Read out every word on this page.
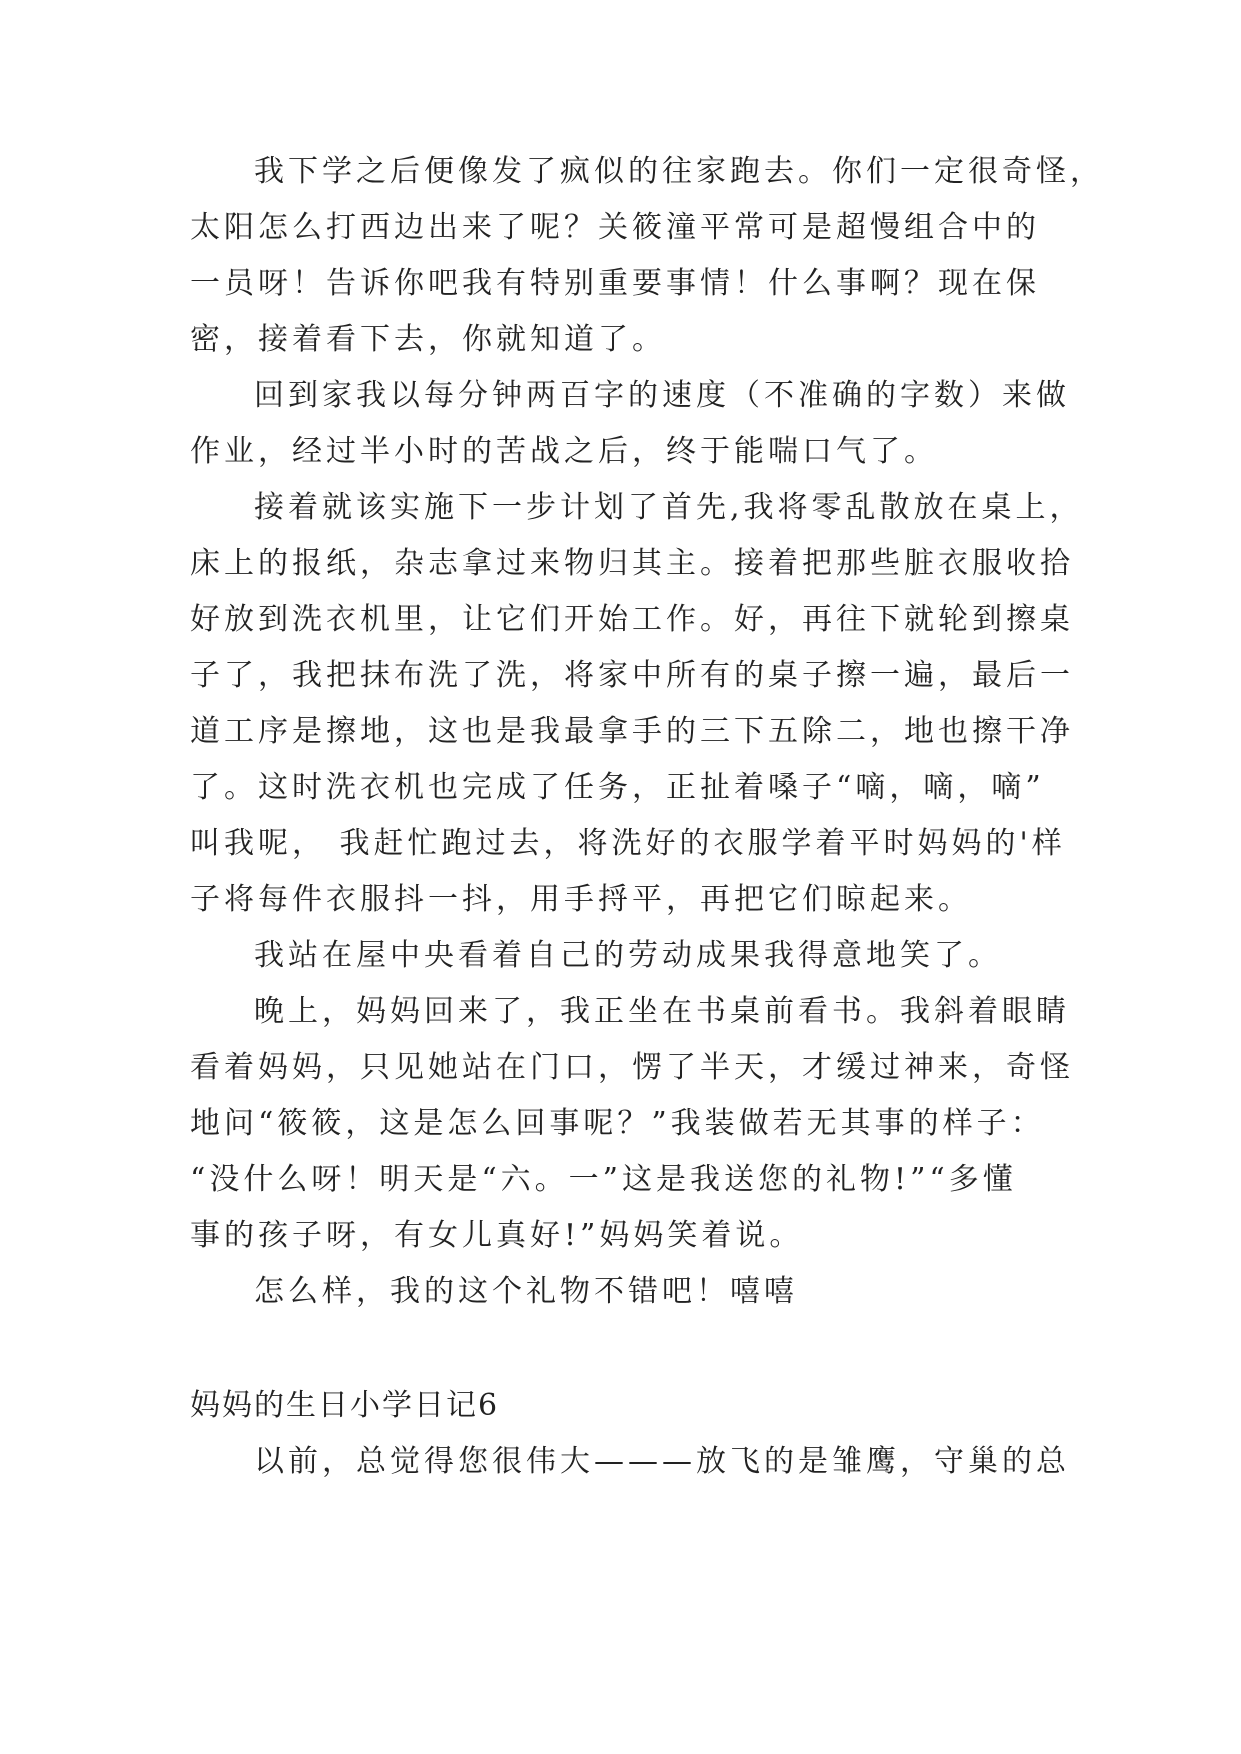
我下学之后便像发了疯似的往家跑去。你们一定很奇怪，
太阳怎么打西边出来了呢？关筱潼平常可是超慢组合中的
一员呀！告诉你吧我有特别重要事情！什么事啊？现在保
密，接着看下去，你就知道了。
回到家我以每分钟两百字的速度（不准确的字数）来做
作业，经过半小时的苦战之后，终于能喘口气了。
接着就该实施下一步计划了首先,我将零乱散放在桌上，
床上的报纸，杂志拿过来物归其主。接着把那些脏衣服收拾
好放到洗衣机里，让它们开始工作。好，再往下就轮到擦桌
子了，我把抹布洗了洗，将家中所有的桌子擦一遍，最后一
道工序是擦地，这也是我最拿手的三下五除二，地也擦干净
了。这时洗衣机也完成了任务，正扯着嗓子“嘀，嘀，嘀”
叫我呢， 我赶忙跑过去，将洗好的衣服学着平时妈妈的'样
子将每件衣服抖一抖，用手捋平，再把它们晾起来。
我站在屋中央看着自己的劳动成果我得意地笑了。
晚上，妈妈回来了，我正坐在书桌前看书。我斜着眼睛
看着妈妈，只见她站在门口，愣了半天，才缓过神来，奇怪
地问“筱筱，这是怎么回事呢？”我装做若无其事的样子：
“没什么呀！明天是“六。一”这是我送您的礼物!”“多懂
事的孩子呀，有女儿真好!”妈妈笑着说。
怎么样，我的这个礼物不错吧！嘻嘻
妈妈的生日小学日记6
以前，总觉得您很伟大———放飞的是雏鹰，守巢的总
